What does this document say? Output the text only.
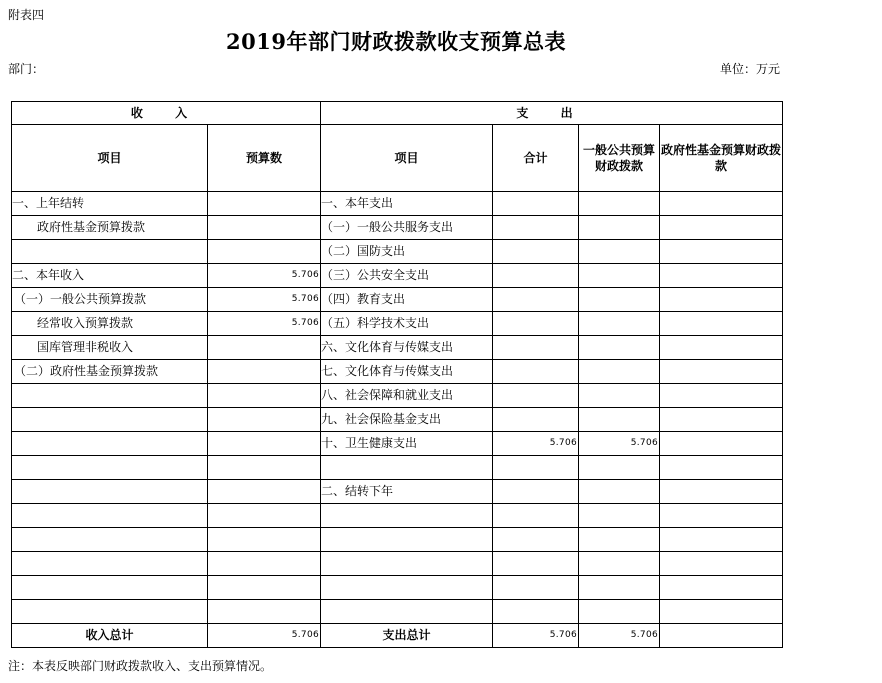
附表四
2019年部门财政拨款收支预算总表
部门：	单位：万元
收 入		支 出			
项目	预算数	项目	合计	一般公共预算财政拨款	政府性基金预算财政拨款
一、上年结转		一、本年支出			
政府性基金预算拨款		（一）一般公共服务支出			
		（二）国防支出			
二、本年收入	5.706	（三）公共安全支出			
（一）一般公共预算拨款	5.706	（四）教育支出			
经常收入预算拨款	5.706	（五）科学技术支出			
国库管理非税收入		六、文化体育与传媒支出			
（二）政府性基金预算拨款		七、文化体育与传媒支出			
		八、社会保障和就业支出			
		九、社会保险基金支出			
		十、卫生健康支出	5.706	5.706	

		二、结转下年			

收入总计	5.706	支出总计	5.706	5.706	
注：本表反映部门财政拨款收入、支出预算情况。
